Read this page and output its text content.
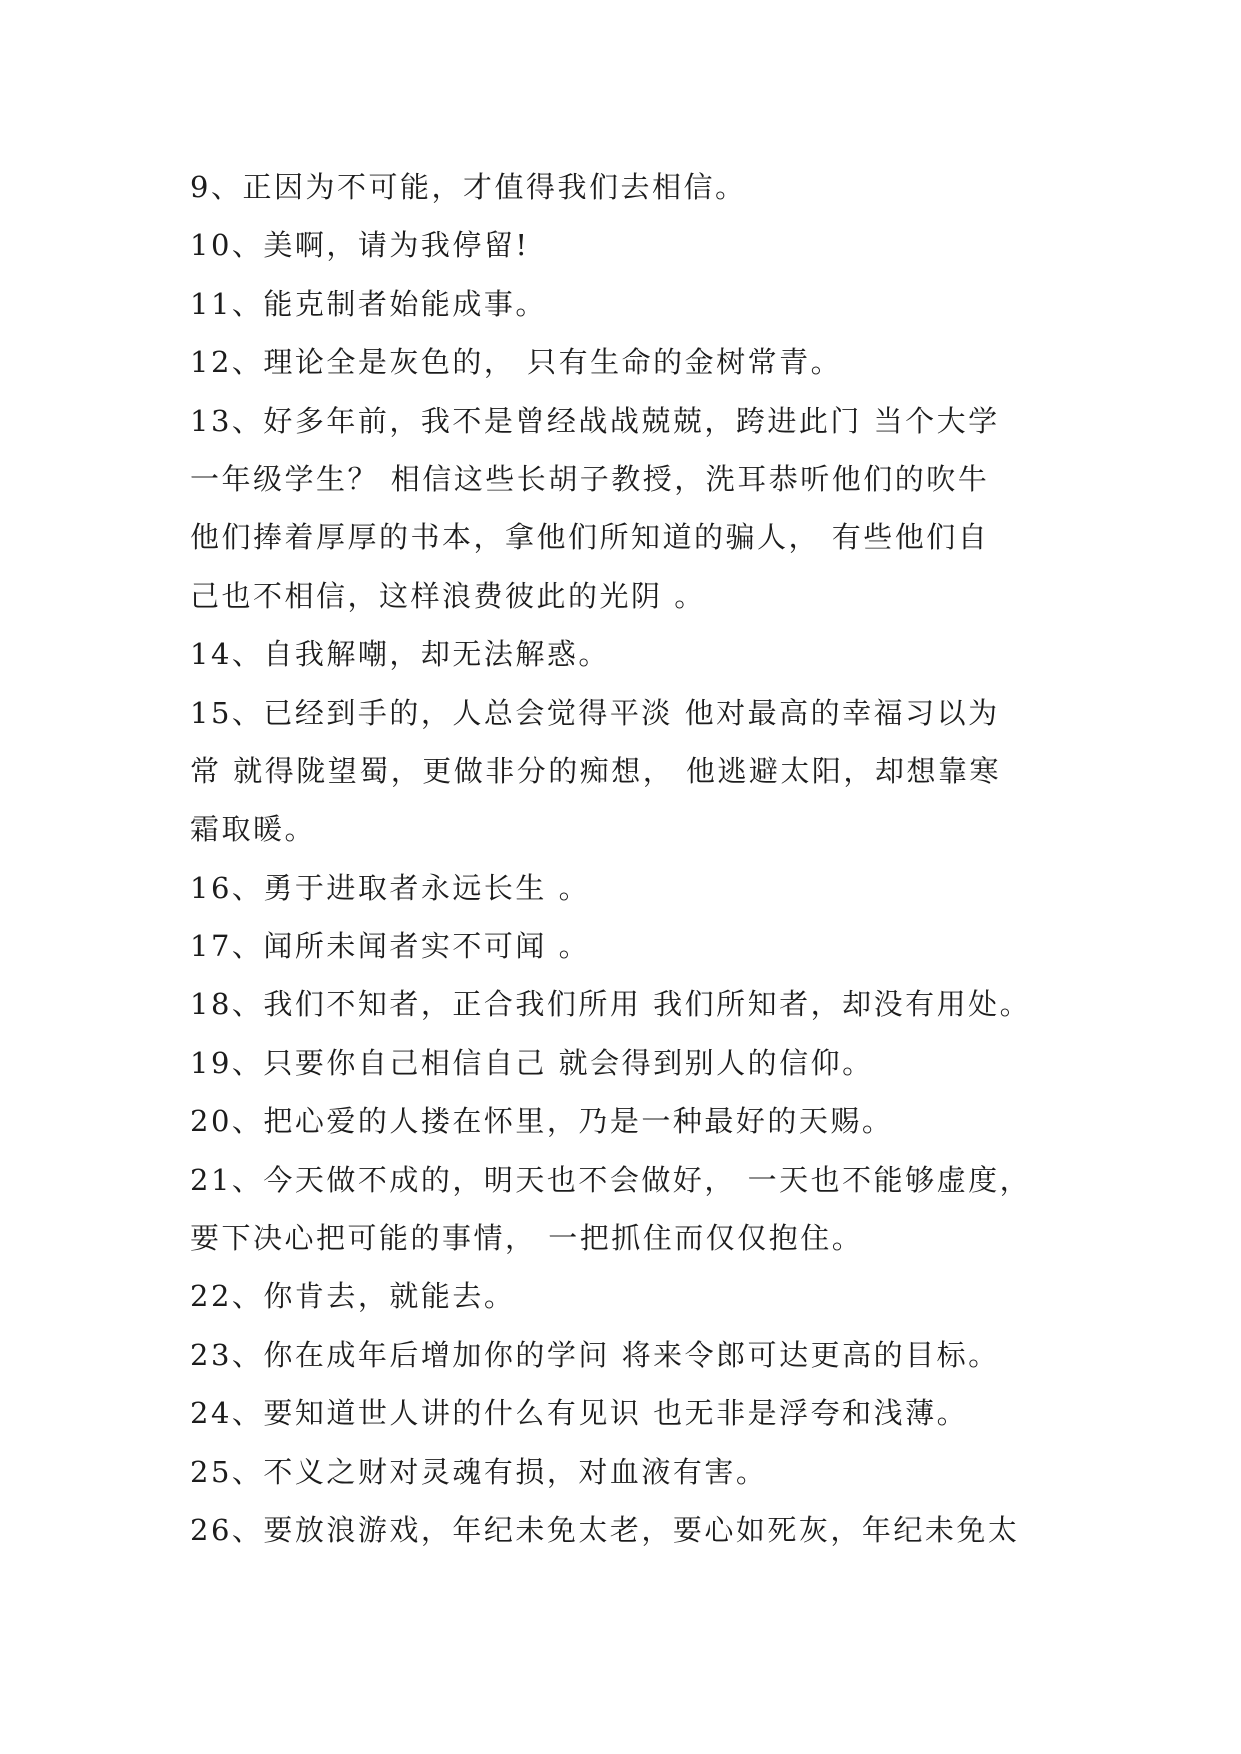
9、正因为不可能，才值得我们去相信。
10、美啊，请为我停留!
11、能克制者始能成事。
12、理论全是灰色的， 只有生命的金树常青。
13、好多年前，我不是曾经战战兢兢，跨进此门 当个大学
一年级学生？ 相信这些长胡子教授，洗耳恭听他们的吹牛
他们捧着厚厚的书本，拿他们所知道的骗人， 有些他们自
己也不相信，这样浪费彼此的光阴 。
14、自我解嘲，却无法解惑。
15、已经到手的，人总会觉得平淡 他对最高的幸福习以为
常 就得陇望蜀，更做非分的痴想， 他逃避太阳，却想靠寒
霜取暖。
16、勇于进取者永远长生 。
17、闻所未闻者实不可闻 。
18、我们不知者，正合我们所用 我们所知者，却没有用处。
19、只要你自己相信自己 就会得到别人的信仰。
20、把心爱的人搂在怀里，乃是一种最好的天赐。
21、今天做不成的，明天也不会做好， 一天也不能够虚度，
要下决心把可能的事情， 一把抓住而仅仅抱住。
22、你肯去，就能去。
23、你在成年后增加你的学问 将来令郎可达更高的目标。
24、要知道世人讲的什么有见识 也无非是浮夸和浅薄。
25、不义之财对灵魂有损，对血液有害。
26、要放浪游戏，年纪未免太老，要心如死灰，年纪未免太
